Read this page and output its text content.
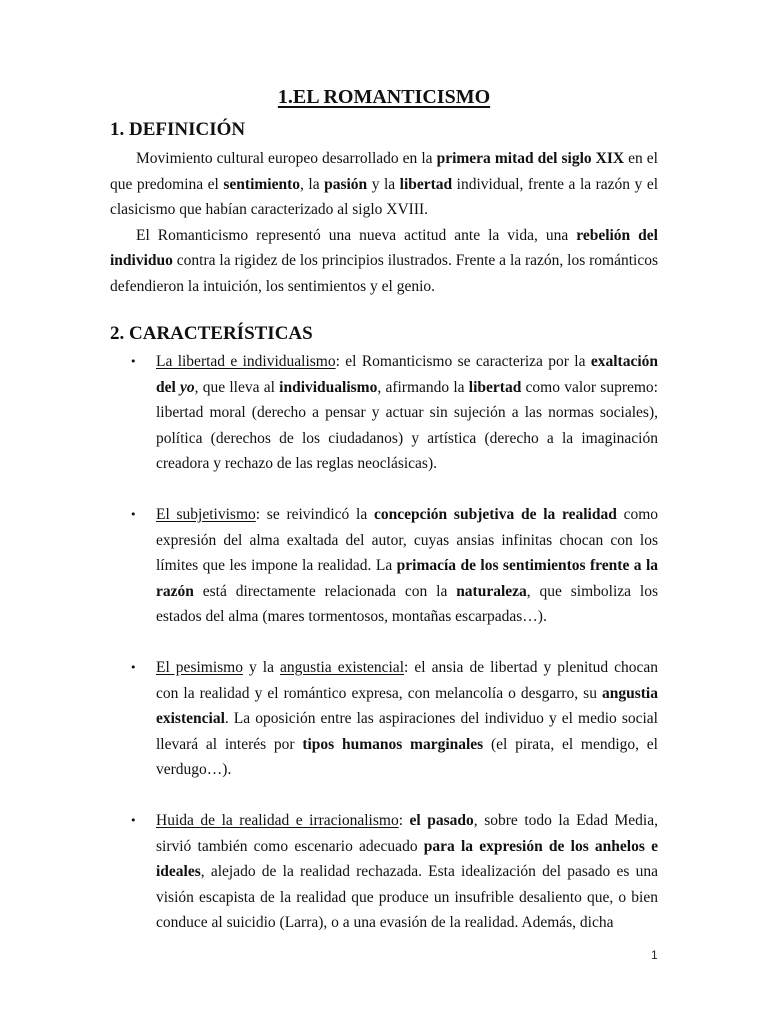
1.EL ROMANTICISMO
1. DEFINICIÓN

Movimiento cultural europeo desarrollado en la primera mitad del siglo XIX en el que predomina el sentimiento, la pasión y la libertad individual, frente a la razón y el clasicismo que habían caracterizado al siglo XVIII.

El Romanticismo representó una nueva actitud ante la vida, una rebelión del individuo contra la rigidez de los principios ilustrados. Frente a la razón, los románticos defendieron la intuición, los sentimientos y el genio.

2. CARACTERÍSTICAS
• La libertad e individualismo: el Romanticismo se caracteriza por la exaltación del yo, que lleva al individualismo, afirmando la libertad como valor supremo: libertad moral (derecho a pensar y actuar sin sujeción a las normas sociales), política (derechos de los ciudadanos) y artística (derecho a la imaginación creadora y rechazo de las reglas neoclásicas).
• El subjetivismo: se reivindicó la concepción subjetiva de la realidad como expresión del alma exaltada del autor, cuyas ansias infinitas chocan con los límites que les impone la realidad. La primacía de los sentimientos frente a la razón está directamente relacionada con la naturaleza, que simboliza los estados del alma (mares tormentosos, montañas escarpadas…).
• El pesimismo y la angustia existencial: el ansia de libertad y plenitud chocan con la realidad y el romántico expresa, con melancolía o desgarro, su angustia existencial. La oposición entre las aspiraciones del individuo y el medio social llevará al interés por tipos humanos marginales (el pirata, el mendigo, el verdugo…).
• Huida de la realidad e irracionalismo: el pasado, sobre todo la Edad Media, sirvió también como escenario adecuado para la expresión de los anhelos e ideales, alejado de la realidad rechazada. Esta idealización del pasado es una visión escapista de la realidad que produce un insufrible desaliento que, o bien conduce al suicidio (Larra), o a una evasión de la realidad. Además, dicha
1
